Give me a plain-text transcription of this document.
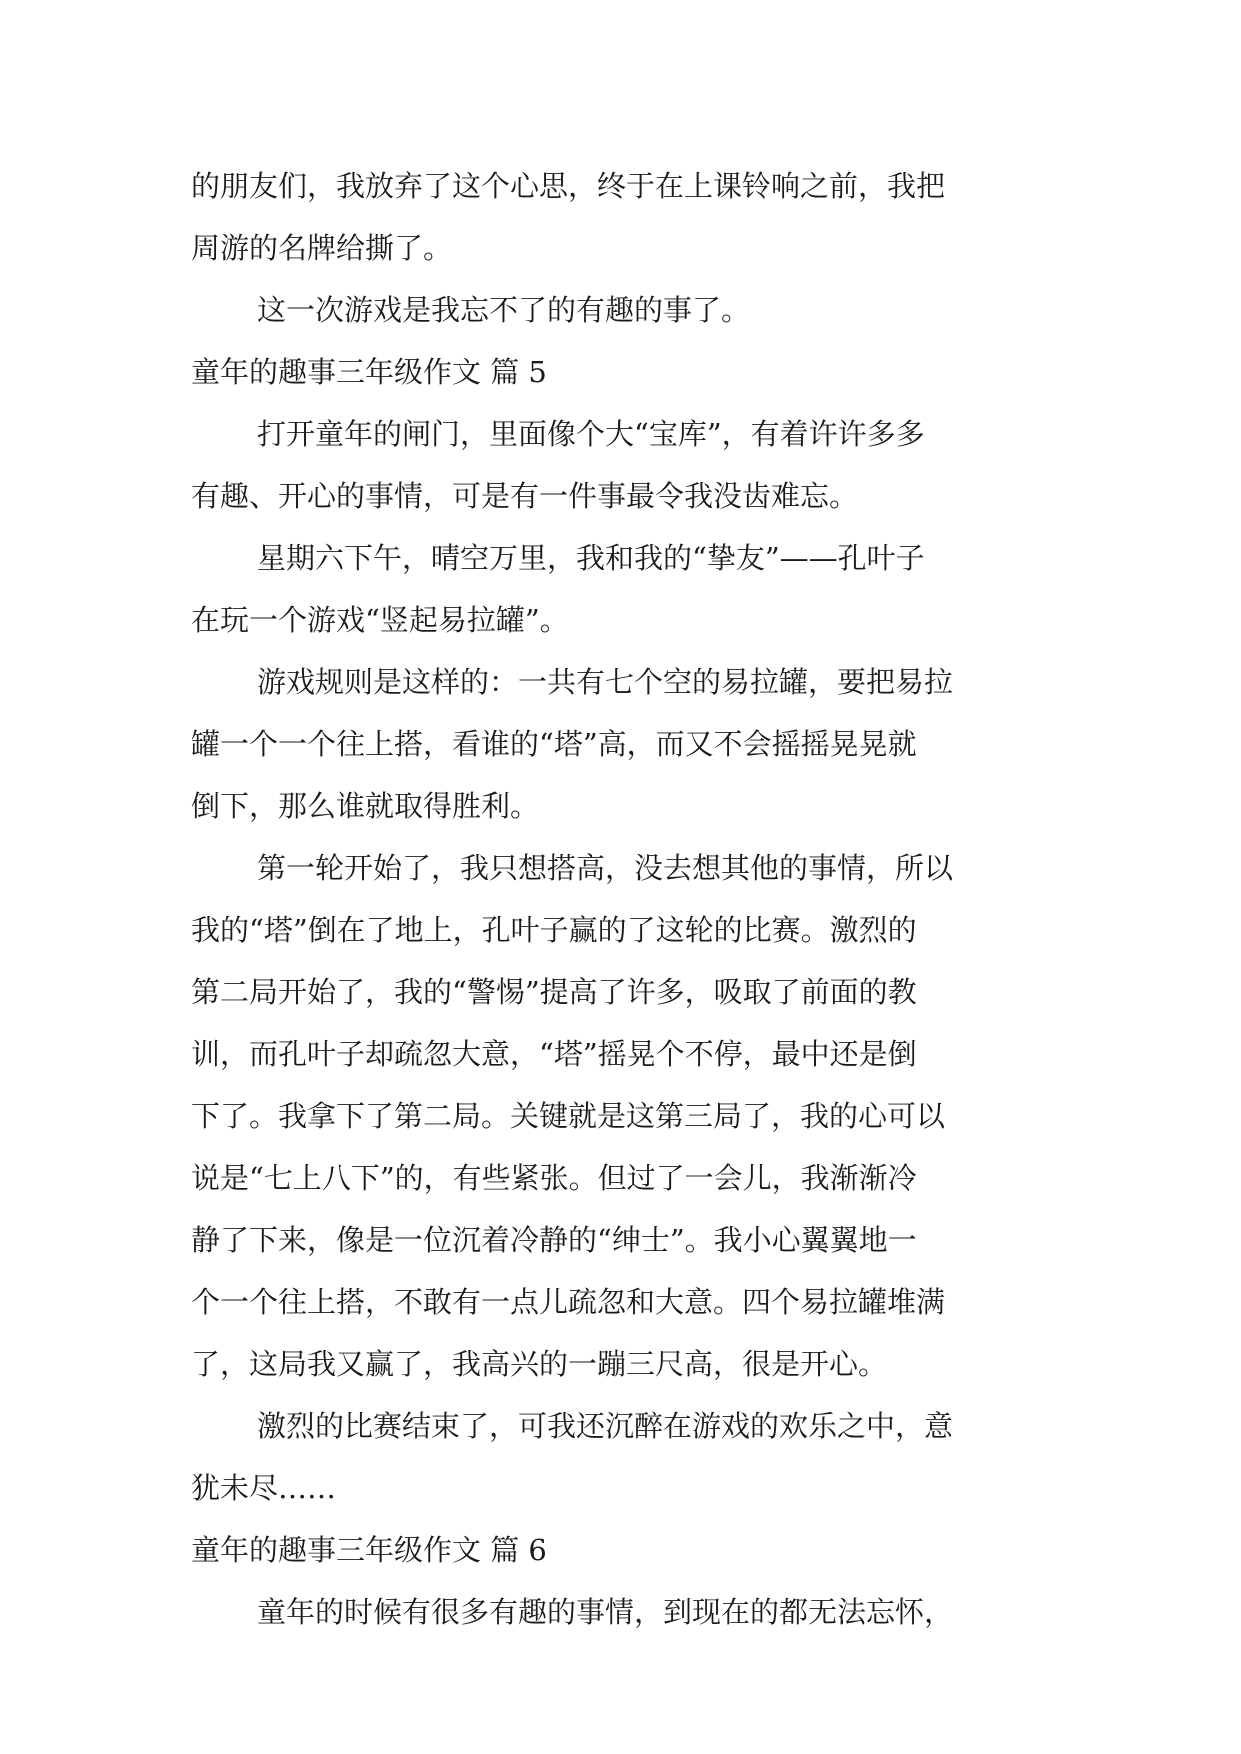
的朋友们，我放弃了这个心思，终于在上课铃响之前，我把
周游的名牌给撕了。
这一次游戏是我忘不了的有趣的事了。
童年的趣事三年级作文 篇 5
打开童年的闸门，里面像个大“宝库”，有着许许多多
有趣、开心的事情，可是有一件事最令我没齿难忘。
星期六下午，晴空万里，我和我的“挚友”——孔叶子
在玩一个游戏“竖起易拉罐”。
游戏规则是这样的：一共有七个空的易拉罐，要把易拉
罐一个一个往上搭，看谁的“塔”高，而又不会摇摇晃晃就
倒下，那么谁就取得胜利。
第一轮开始了，我只想搭高，没去想其他的事情，所以
我的“塔”倒在了地上，孔叶子赢的了这轮的比赛。激烈的
第二局开始了，我的“警惕”提高了许多，吸取了前面的教
训，而孔叶子却疏忽大意，“塔”摇晃个不停，最中还是倒
下了。我拿下了第二局。关键就是这第三局了，我的心可以
说是“七上八下”的，有些紧张。但过了一会儿，我渐渐冷
静了下来，像是一位沉着冷静的“绅士”。我小心翼翼地一
个一个往上搭，不敢有一点儿疏忽和大意。四个易拉罐堆满
了，这局我又赢了，我高兴的一蹦三尺高，很是开心。
激烈的比赛结束了，可我还沉醉在游戏的欢乐之中，意
犹未尽……
童年的趣事三年级作文 篇 6
童年的时候有很多有趣的事情，到现在的都无法忘怀，
